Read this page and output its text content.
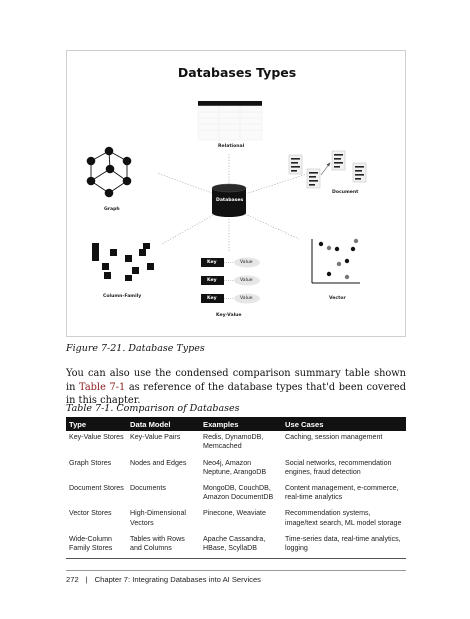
Databases Types
Relational
Graph
Document
Databases
Column-Family
Key-Value
Vector
Key	Value
Key	Value
Key	Value
Figure 7-21. Database Types
You can also use the condensed comparison summary table shown in Table 7-1 as reference of the database types that'd been covered in this chapter.
Table 7-1. Comparison of Databases
Type	Data Model	Examples	Use Cases
Key-Value Stores	Key-Value Pairs	Redis, DynamoDB, Memcached	Caching, session management
Graph Stores	Nodes and Edges	Neo4j, Amazon Neptune, ArangoDB	Social networks, recommendation engines, fraud detection
Document Stores	Documents	MongoDB, CouchDB, Amazon DocumentDB	Content management, e-commerce, real-time analytics
Vector Stores	High-Dimensional Vectors	Pinecone, Weaviate	Recommendation systems, image/text search, ML model storage
Wide-Column Family Stores	Tables with Rows and Columns	Apache Cassandra, HBase, ScyllaDB	Time-series data, real-time analytics, logging
272 | Chapter 7: Integrating Databases into AI Services
